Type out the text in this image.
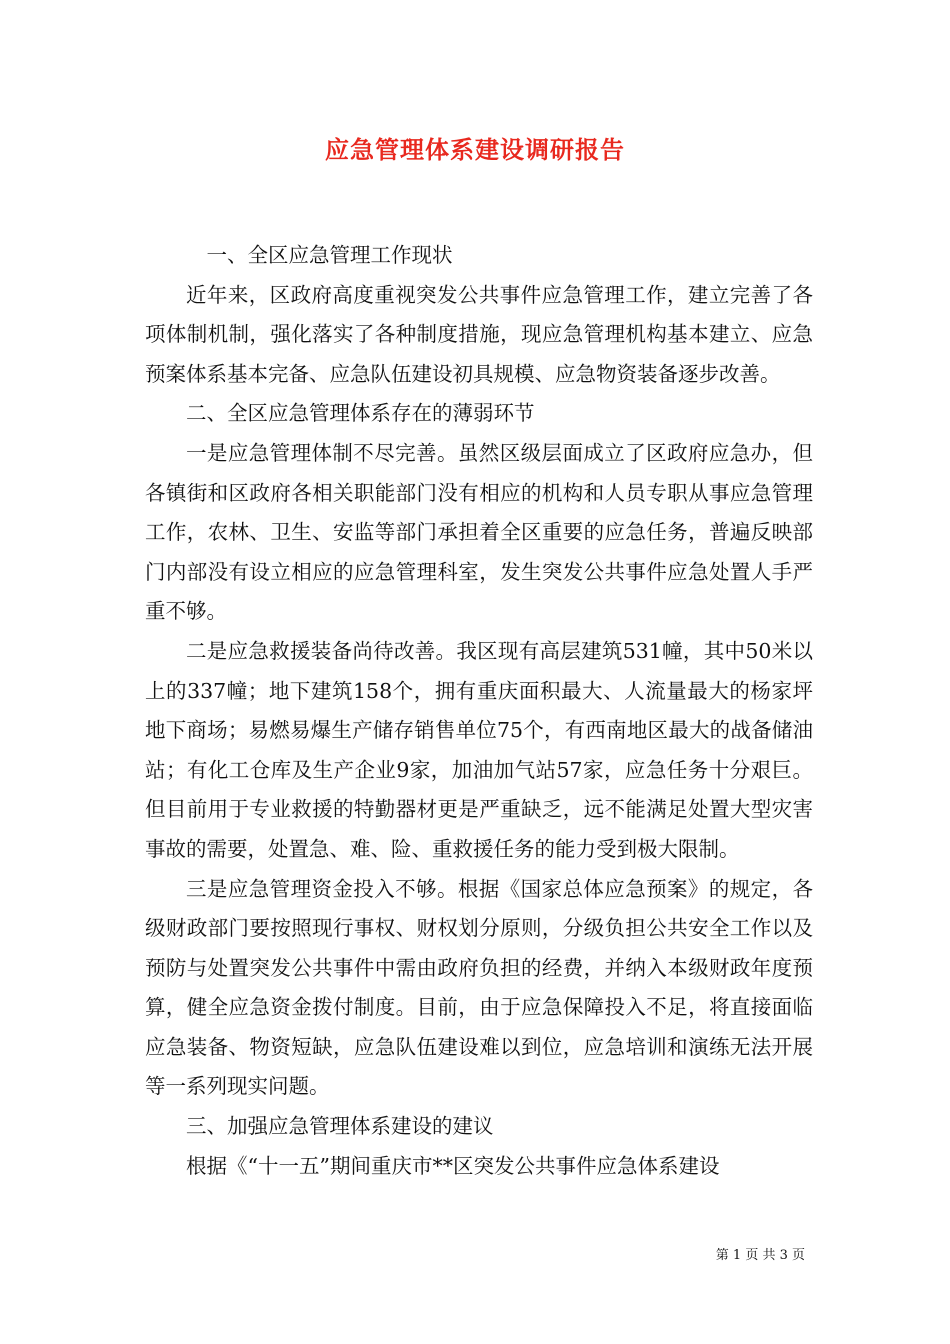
应急管理体系建设调研报告

一、全区应急管理工作现状

近年来，区政府高度重视突发公共事件应急管理工作，建立完善了各项体制机制，强化落实了各种制度措施，现应急管理机构基本建立、应急预案体系基本完备、应急队伍建设初具规模、应急物资装备逐步改善。

二、全区应急管理体系存在的薄弱环节

一是应急管理体制不尽完善。虽然区级层面成立了区政府应急办，但各镇街和区政府各相关职能部门没有相应的机构和人员专职从事应急管理工作，农林、卫生、安监等部门承担着全区重要的应急任务，普遍反映部门内部没有设立相应的应急管理科室，发生突发公共事件应急处置人手严重不够。

二是应急救援装备尚待改善。我区现有高层建筑531幢，其中50米以上的337幢；地下建筑158个，拥有重庆面积最大、人流量最大的杨家坪地下商场；易燃易爆生产储存销售单位75个，有西南地区最大的战备储油站；有化工仓库及生产企业9家，加油加气站57家，应急任务十分艰巨。但目前用于专业救援的特勤器材更是严重缺乏，远不能满足处置大型灾害事故的需要，处置急、难、险、重救援任务的能力受到极大限制。

三是应急管理资金投入不够。根据《国家总体应急预案》的规定，各级财政部门要按照现行事权、财权划分原则，分级负担公共安全工作以及预防与处置突发公共事件中需由政府负担的经费，并纳入本级财政年度预算，健全应急资金拨付制度。目前，由于应急保障投入不足，将直接面临应急装备、物资短缺，应急队伍建设难以到位，应急培训和演练无法开展等一系列现实问题。

三、加强应急管理体系建设的建议

根据《“十一五”期间重庆市**区突发公共事件应急体系建设

第 1 页 共 3 页
